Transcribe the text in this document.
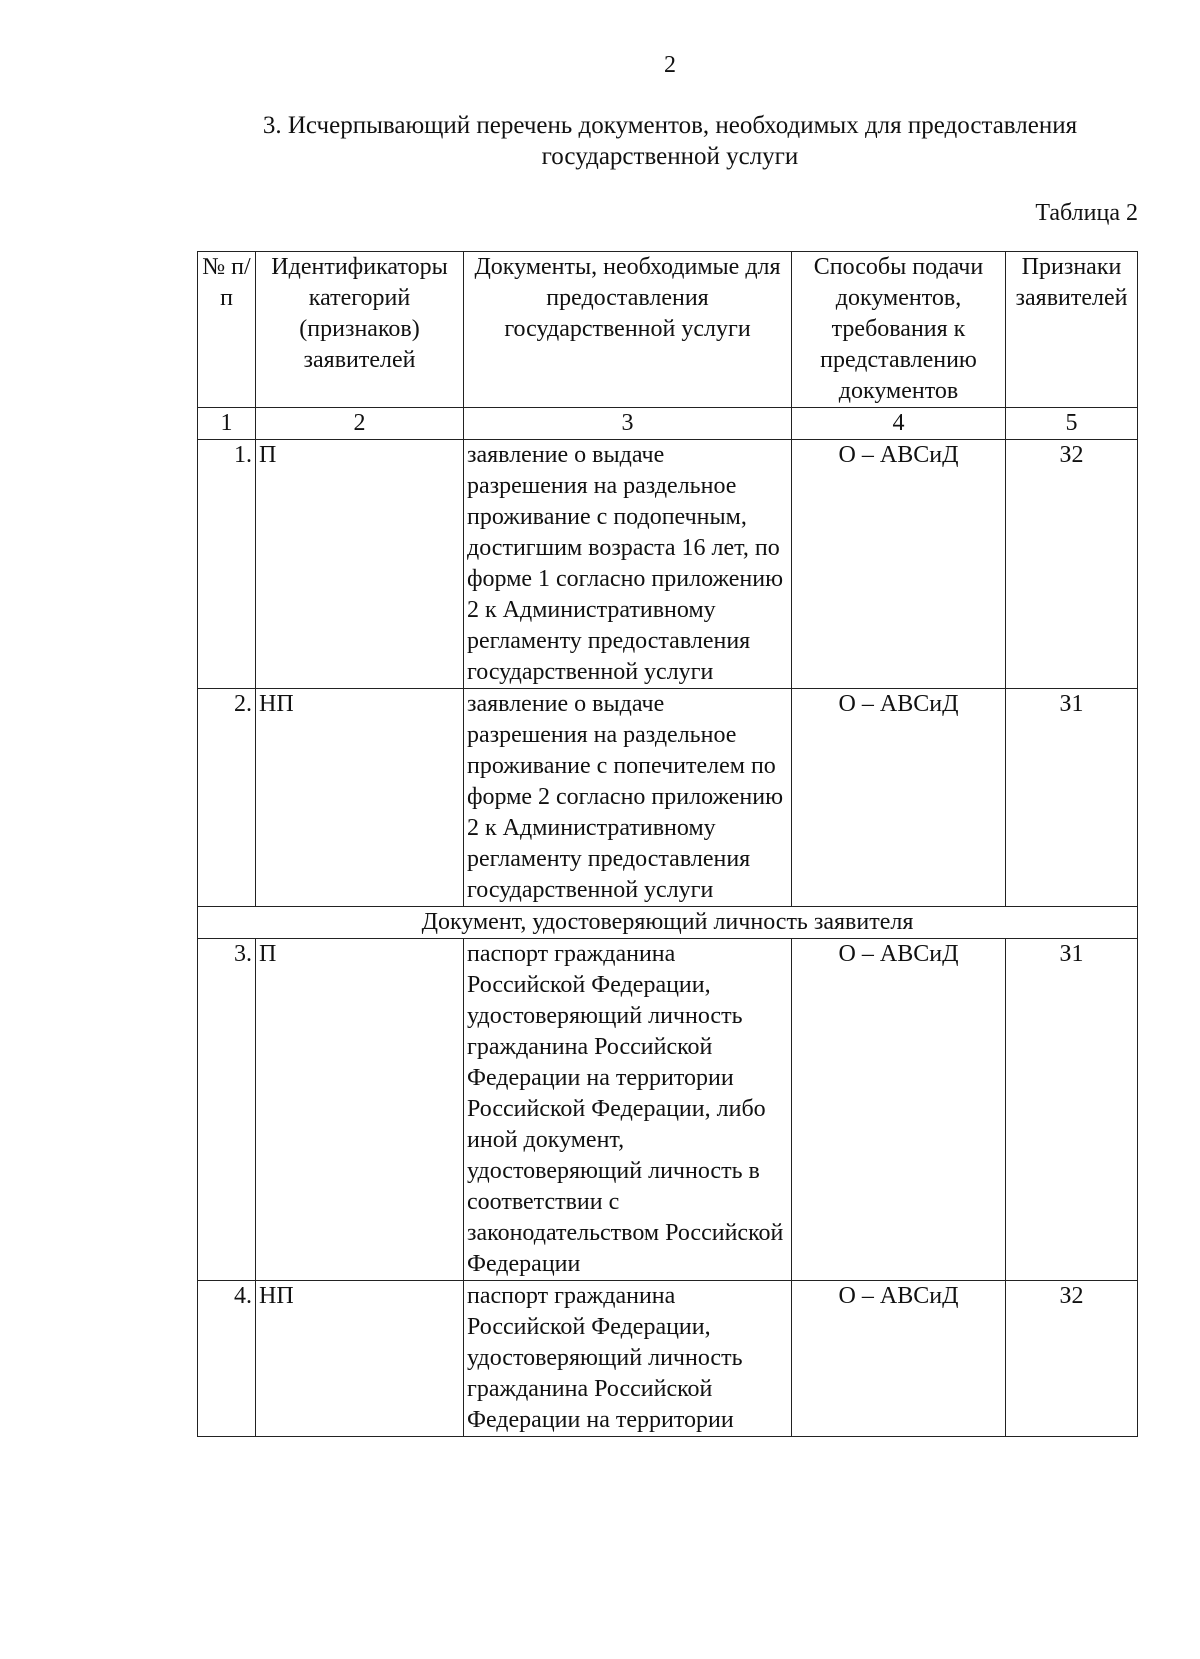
2
3. Исчерпывающий перечень документов, необходимых для предоставления государственной услуги
Таблица 2
№ п/п	Идентификаторы категорий (признаков) заявителей	Документы, необходимые для предоставления государственной услуги	Способы подачи документов, требования к представлению документов	Признаки заявителей
1	2	3	4	5
1.	П	заявление о выдаче разрешения на раздельное проживание с подопечным, достигшим возраста 16 лет, по форме 1 согласно приложению 2 к Административному регламенту предоставления государственной услуги	О – АВСиД	З2
2.	НП	заявление о выдаче разрешения на раздельное проживание с попечителем по форме 2 согласно приложению 2 к Административному регламенту предоставления государственной услуги	О – АВСиД	З1
Документ, удостоверяющий личность заявителя				
3.	П	паспорт гражданина Российской Федерации, удостоверяющий личность гражданина Российской Федерации на территории Российской Федерации, либо иной документ, удостоверяющий личность в соответствии с законодательством Российской Федерации	О – АВСиД	З1
4.	НП	паспорт гражданина Российской Федерации, удостоверяющий личность гражданина Российской Федерации на территории	О – АВСиД	З2
